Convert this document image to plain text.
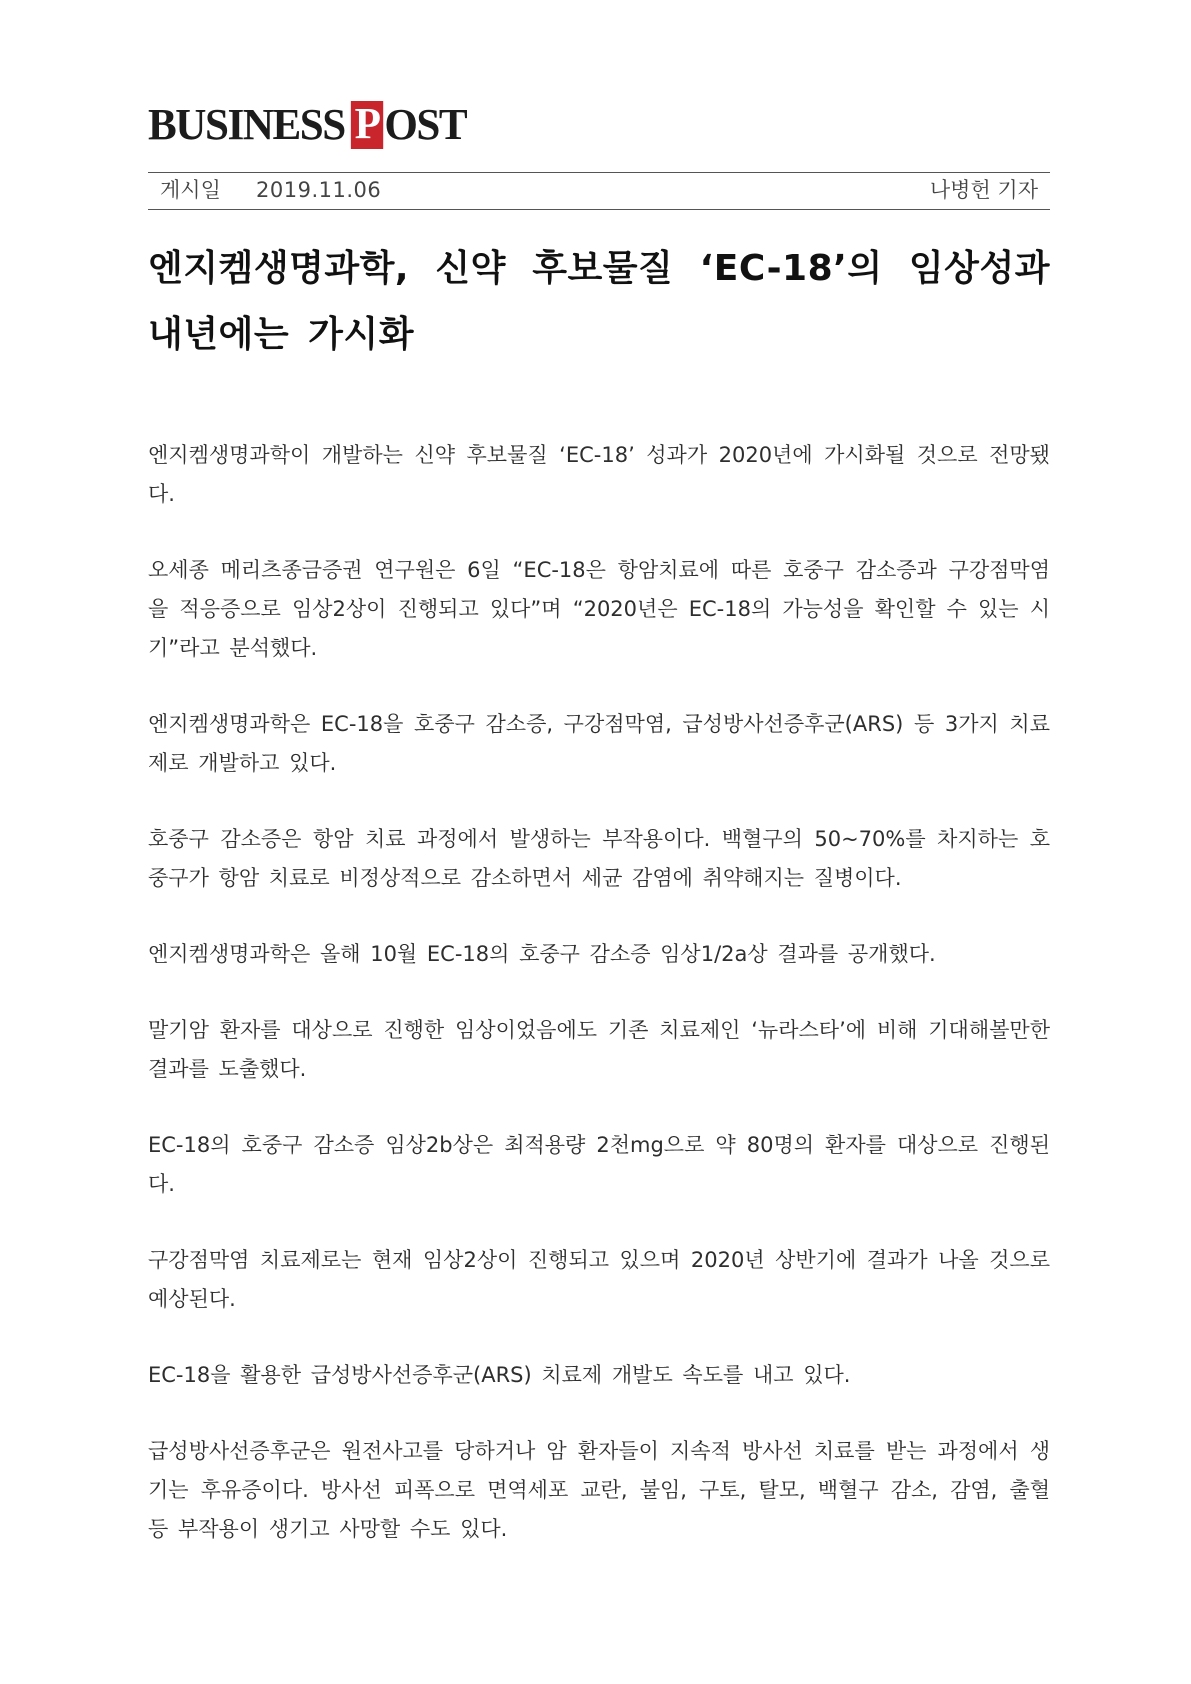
BUSINESS P OST
게시일 2019.11.06	나병헌 기자
엔지켐생명과학, 신약 후보물질 ‘EC-18’의 임상성과 내년에는 가시화

엔지켐생명과학이 개발하는 신약 후보물질 ‘EC-18’ 성과가 2020년에 가시화될 것으로 전망됐다.

오세종 메리츠종금증권 연구원은 6일 “EC-18은 항암치료에 따른 호중구 감소증과 구강점막염을 적응증으로 임상2상이 진행되고 있다”며 “2020년은 EC-18의 가능성을 확인할 수 있는 시기”라고 분석했다.

엔지켐생명과학은 EC-18을 호중구 감소증, 구강점막염, 급성방사선증후군(ARS) 등 3가지 치료제로 개발하고 있다.

호중구 감소증은 항암 치료 과정에서 발생하는 부작용이다. 백혈구의 50~70%를 차지하는 호중구가 항암 치료로 비정상적으로 감소하면서 세균 감염에 취약해지는 질병이다.

엔지켐생명과학은 올해 10월 EC-18의 호중구 감소증 임상1/2a상 결과를 공개했다.

말기암 환자를 대상으로 진행한 임상이었음에도 기존 치료제인 ‘뉴라스타’에 비해 기대해볼만한 결과를 도출했다.

EC-18의 호중구 감소증 임상2b상은 최적용량 2천mg으로 약 80명의 환자를 대상으로 진행된다.

구강점막염 치료제로는 현재 임상2상이 진행되고 있으며 2020년 상반기에 결과가 나올 것으로 예상된다.

EC-18을 활용한 급성방사선증후군(ARS) 치료제 개발도 속도를 내고 있다.

급성방사선증후군은 원전사고를 당하거나 암 환자들이 지속적 방사선 치료를 받는 과정에서 생기는 후유증이다. 방사선 피폭으로 면역세포 교란, 불임, 구토, 탈모, 백혈구 감소, 감염, 출혈 등 부작용이 생기고 사망할 수도 있다.
